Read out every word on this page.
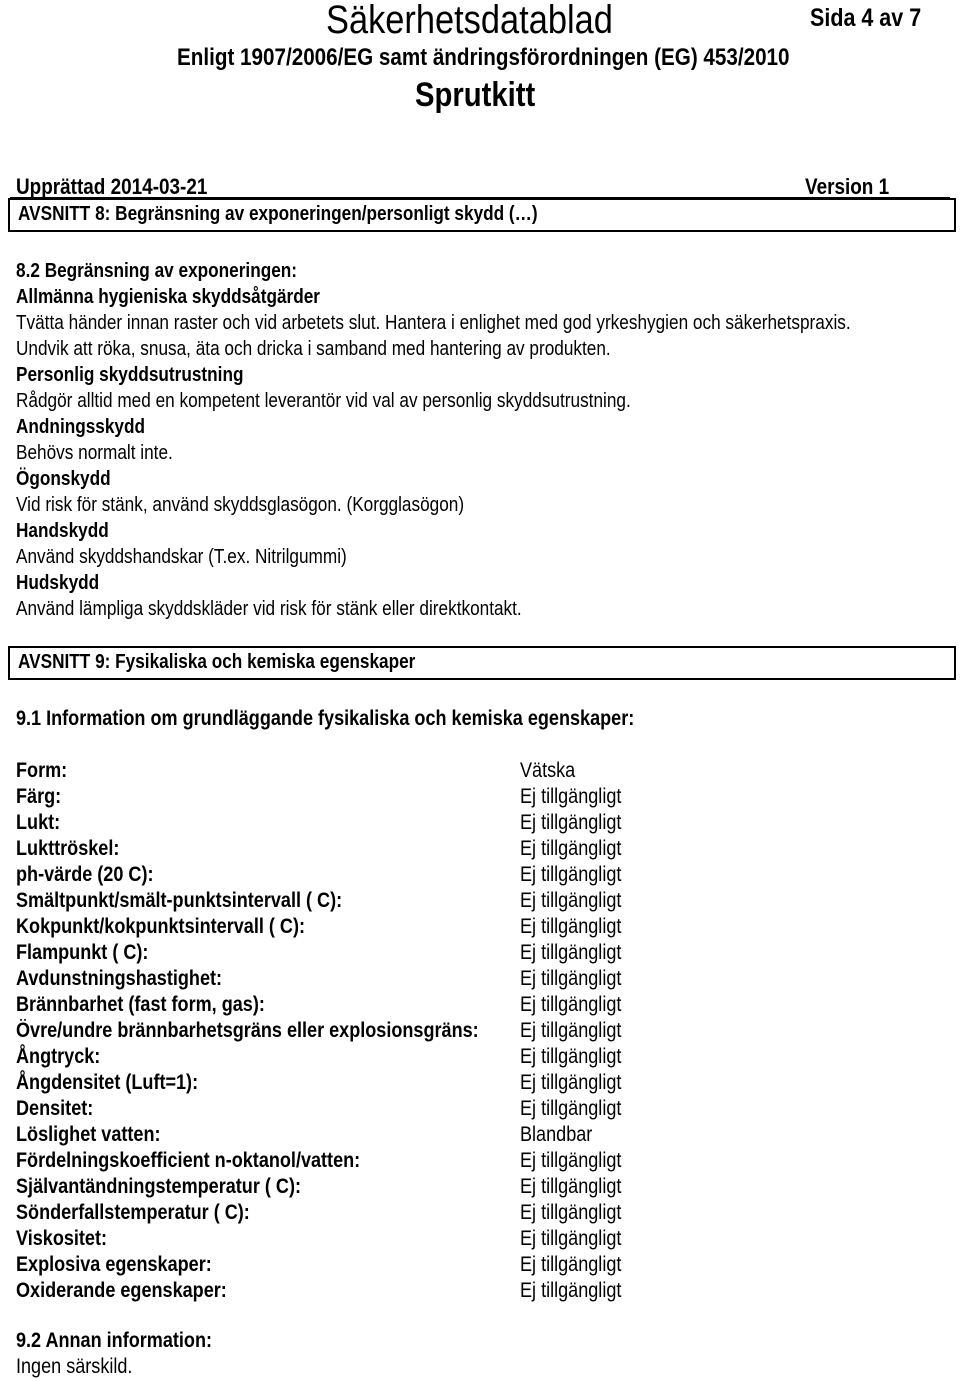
Säkerhetsdatablad	Sida 4 av 7
Enligt 1907/2006/EG samt ändringsförordningen (EG) 453/2010
Sprutkitt
Upprättad 2014-03-21	Version 1
AVSNITT 8: Begränsning av exponeringen/personligt skydd (…)
8.2 Begränsning av exponeringen:
Allmänna hygieniska skyddsåtgärder
Tvätta händer innan raster och vid arbetets slut. Hantera i enlighet med god yrkeshygien och säkerhetspraxis.
Undvik att röka, snusa, äta och dricka i samband med hantering av produkten.
Personlig skyddsutrustning
Rådgör alltid med en kompetent leverantör vid val av personlig skyddsutrustning.
Andningsskydd
Behövs normalt inte.
Ögonskydd
Vid risk för stänk, använd skyddsglasögon. (Korgglasögon)
Handskydd
Använd skyddshandskar (T.ex. Nitrilgummi)
Hudskydd
Använd lämpliga skyddskläder vid risk för stänk eller direktkontakt.
AVSNITT 9: Fysikaliska och kemiska egenskaper
9.1 Information om grundläggande fysikaliska och kemiska egenskaper:
Form:	Vätska
Färg:	Ej tillgängligt
Lukt:	Ej tillgängligt
Lukttröskel:	Ej tillgängligt
ph-värde (20 C):	Ej tillgängligt
Smältpunkt/smält-punktsintervall ( C):	Ej tillgängligt
Kokpunkt/kokpunktsintervall ( C):	Ej tillgängligt
Flampunkt ( C):	Ej tillgängligt
Avdunstningshastighet:	Ej tillgängligt
Brännbarhet (fast form, gas):	Ej tillgängligt
Övre/undre brännbarhetsgräns eller explosionsgräns: Ej tillgängligt
Ångtryck:	Ej tillgängligt
Ångdensitet (Luft=1):	Ej tillgängligt
Densitet:	Ej tillgängligt
Löslighet vatten:	Blandbar
Fördelningskoefficient n-oktanol/vatten:	Ej tillgängligt
Självantändningstemperatur ( C):	Ej tillgängligt
Sönderfallstemperatur ( C):	Ej tillgängligt
Viskositet:	Ej tillgängligt
Explosiva egenskaper:	Ej tillgängligt
Oxiderande egenskaper:	Ej tillgängligt
9.2 Annan information:
Ingen särskild.
